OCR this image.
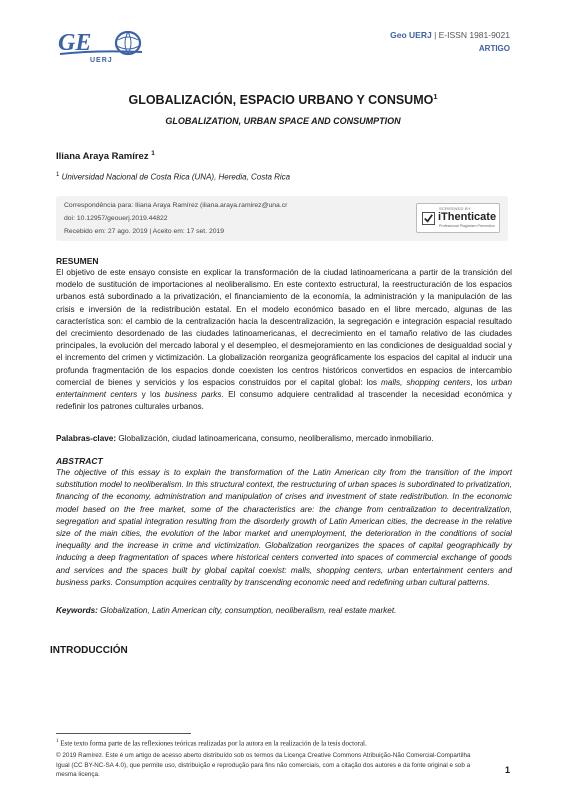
GE
UERJ
Geo UERJ | E-ISSN 1981-9021
ARTIGO
GLOBALIZACIÓN, ESPACIO URBANO Y CONSUMO$^1$
GLOBALIZATION, URBAN SPACE AND CONSUMPTION
Iliana Araya Ramírez $^1$
$^1$ Universidad Nacional de Costa Rica (UNA), Heredia, Costa Rica
Correspondência para: Iliana Araya Ramírez (iliana.araya.ramirez@una.cr
doi: 10.12957/geouerj.2019.44822
Recebido em: 27 ago. 2019 | Aceito em: 17 set. 2019
SCREENED BY
iThenticate
Professional Plagiarism Prevention
RESUMEN

El objetivo de este ensayo consiste en explicar la transformación de la ciudad latinoamericana a partir de la transición del modelo de sustitución de importaciones al neoliberalismo. En este contexto estructural, la reestructuración de los espacios urbanos está subordinado a la privatización, el financiamiento de la economía, la administración y la manipulación de las crisis e inversión de la redistribución estatal. En el modelo económico basado en el libre mercado, algunas de las característica son: el cambio de la centralización hacia la descentralización, la segregación e integración espacial resultado del crecimiento desordenado de las ciudades latinoamericanas, el decrecimiento en el tamaño relativo de las ciudades principales, la evolución del mercado laboral y el desempleo, el desmejoramiento en las condiciones de desigualdad social y el incremento del crimen y victimización. La globalización reorganiza geográficamente los espacios del capital al inducir una profunda fragmentación de los espacios donde coexisten los centros históricos convertidos en espacios de intercambio comercial de bienes y servicios y los espacios construidos por el capital global: los malls, shopping centers, los urban entertainment centers y los business parks. El consumo adquiere centralidad al trascender la necesidad económica y redefinir los patrones culturales urbanos.

Palabras-clave: Globalización, ciudad latinoamericana, consumo, neoliberalismo, mercado inmobiliario.
ABSTRACT

The objective of this essay is to explain the transformation of the Latin American city from the transition of the import substitution model to neoliberalism. In this structural context, the restructuring of urban spaces is subordinated to privatization, financing of the economy, administration and manipulation of crises and investment of state redistribution. In the economic model based on the free market, some of the characteristics are: the change from centralization to decentralization, segregation and spatial integration resulting from the disorderly growth of Latin American cities, the decrease in the relative size of the main cities, the evolution of the labor market and unemployment, the deterioration in the conditions of social inequality and the increase in crime and victimization. Globalization reorganizes the spaces of capital geographically by inducing a deep fragmentation of spaces where historical centers converted into spaces of commercial exchange of goods and services and the spaces built by global capital coexist: malls, shopping centers, urban entertainment centers and business parks. Consumption acquires centrality by transcending economic need and redefining urban cultural patterns.

Keywords: Globalization, Latin American city, consumption, neoliberalism, real estate market.
INTRODUCCIÓN
$^1$ Este texto forma parte de las reflexiones teóricas realizadas por la autora en la realización de la tesis doctoral.

© 2019 Ramírez. Este é um artigo de acesso aberto distribuído sob os termos da Licença Creative Commons Atribuição-Não Comercial-Compartilha Igual (CC BY-NC-SA 4.0), que permite uso, distribuição e reprodução para fins não comerciais, com a citação dos autores e da fonte original e sob a mesma licença.	1
